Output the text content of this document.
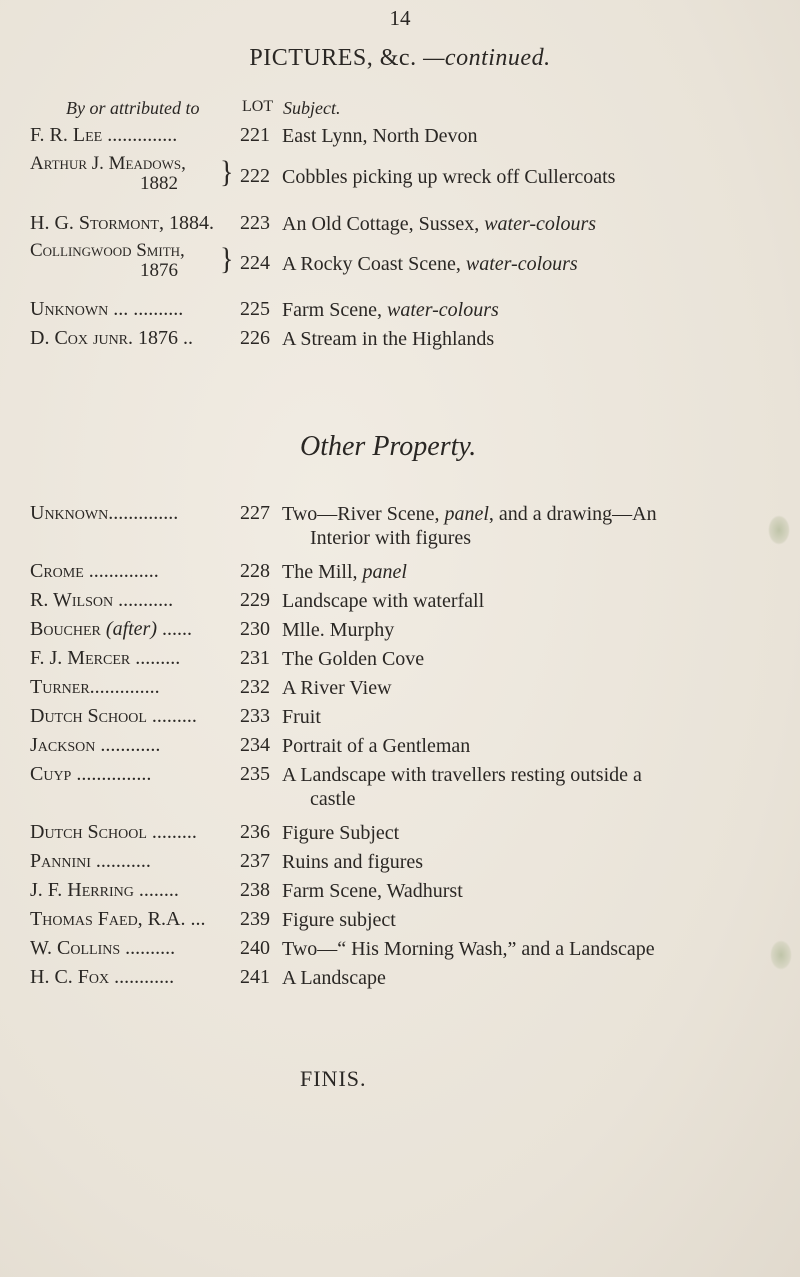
14
PICTURES, &c. —continued.
By or attributed to	LOT Subject.
F. R. Lee ..............	221 East Lynn, North Devon
Arthur J. Meadows,
1882	} 222 Cobbles picking up wreck off Cullercoats
H. G. Stormont, 1884.	223 An Old Cottage, Sussex, water-colours
Collingwood Smith,
1876	} 224 A Rocky Coast Scene, water-colours
Unknown ... ..........	225 Farm Scene, water-colours
D. Cox junr. 1876 ..	226 A Stream in the Highlands
Other Property.
Unknown..............	227 Two—River Scene, panel, and a drawing—An
Interior with figures
Crome ..............	228 The Mill, panel
R. Wilson ...........	229 Landscape with waterfall
Boucher (after) ......	230 Mlle. Murphy
F. J. Mercer .........	231 The Golden Cove
Turner..............	232 A River View
Dutch School .........	233 Fruit
Jackson ............	234 Portrait of a Gentleman
Cuyp ...............	235 A Landscape with travellers resting outside a
castle
Dutch School .........	236 Figure Subject
Pannini ...........	237 Ruins and figures
J. F. Herring ........	238 Farm Scene, Wadhurst
Thomas Faed, R.A. ...	239 Figure subject
W. Collins ..........	240 Two—“ His Morning Wash,” and a Landscape
H. C. Fox ............	241 A Landscape
FINIS.
